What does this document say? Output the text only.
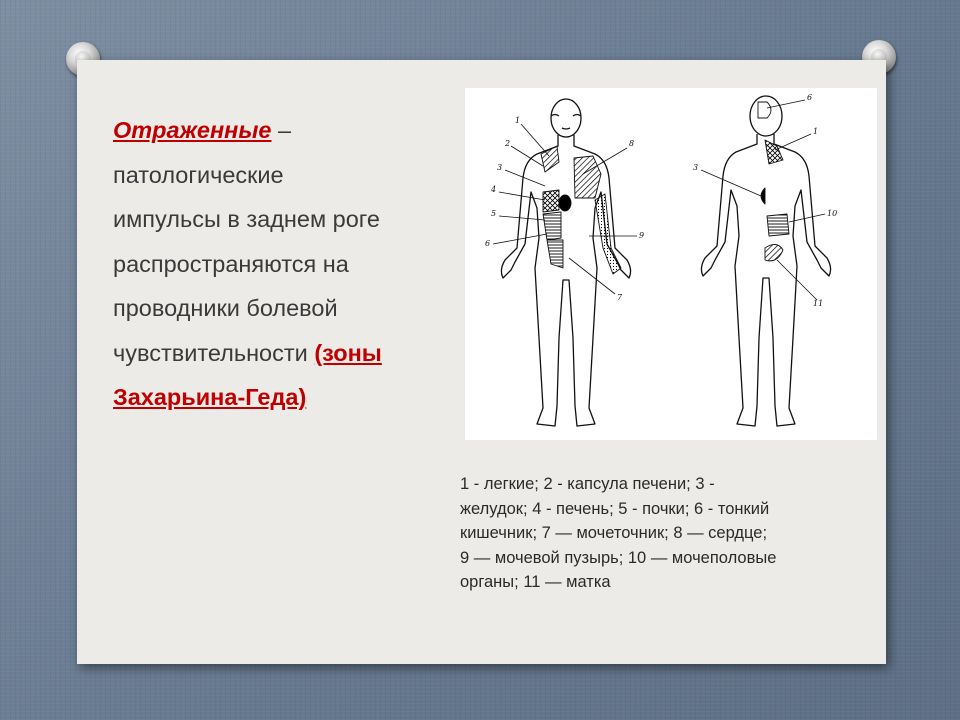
Отраженные –
патологические
импульсы в заднем роге
распространяются на
проводники болевой
чувствительности (зоны
Захарьина-Геда)
1
2
3
4
5
6
7
8
9
6
1
3
10
11
1 - легкие; 2 - капсула печени; 3 -
желудок; 4 - печень; 5 - почки; 6 - тонкий
кишечник; 7 — мочеточник; 8 — сердце;
9 — мочевой пузырь; 10 — мочеполовые
органы; 11 — матка
